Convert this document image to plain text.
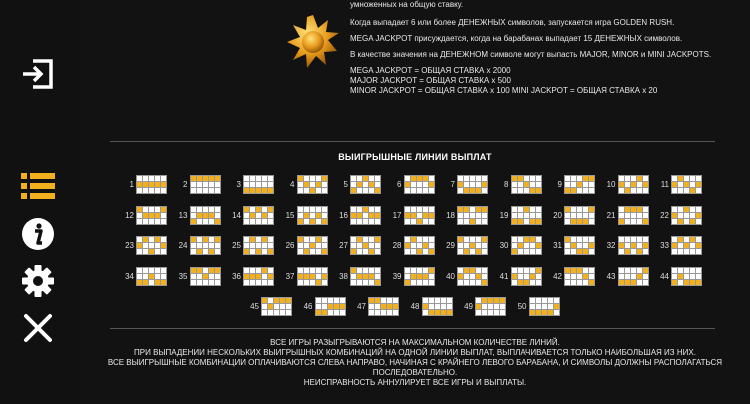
умноженных на общую ставку.

Когда выпадает 6 или более ДЕНЕЖНЫХ символов, запускается игра GOLDEN RUSH.

MEGA JACKPOT присуждается, когда на барабанах выпадает 15 ДЕНЕЖНЫХ символов.

В качестве значения на ДЕНЕЖНОМ символе могут выпасть MAJOR, MINOR и MINI JACKPOTS.

MEGA JACKPOT = ОБЩАЯ СТАВКА x 2000

MAJOR JACKPOT = ОБЩАЯ СТАВКА x 500

MINOR JACKPOT = ОБЩАЯ СТАВКА x 100 MINI JACKPOT = ОБЩАЯ СТАВКА x 20

ВЫИГРЫШНЫЕ ЛИНИИ ВЫПЛАТ
1	2	3	4	5	6	7	8	9	10	11
12	13	14	15	16	17	18	19	20	21	22
23	24	25	26	27	28	29	30	31	32	33
34	35	36	37	38	39	40	41	42	43	44
45	46	47	48	49	50
ВСЕ ИГРЫ РАЗЫГРЫВАЮТСЯ НА МАКСИМАЛЬНОМ КОЛИЧЕСТВЕ ЛИНИЙ.
ПРИ ВЫПАДЕНИИ НЕСКОЛЬКИХ ВЫИГРЫШНЫХ КОМБИНАЦИЙ НА ОДНОЙ ЛИНИИ ВЫПЛАТ, ВЫПЛАЧИВАЕТСЯ ТОЛЬКО НАИБОЛЬШАЯ ИЗ НИХ.
ВСЕ ВЫИГРЫШНЫЕ КОМБИНАЦИИ ОПЛАЧИВАЮТСЯ СЛЕВА НАПРАВО, НАЧИНАЯ С КРАЙНЕГО ЛЕВОГО БАРАБАНА, И СИМВОЛЫ ДОЛЖНЫ РАСПОЛАГАТЬСЯ
ПОСЛЕДОВАТЕЛЬНО.
НЕИСПРАВНОСТЬ АННУЛИРУЕТ ВСЕ ИГРЫ И ВЫПЛАТЫ.
